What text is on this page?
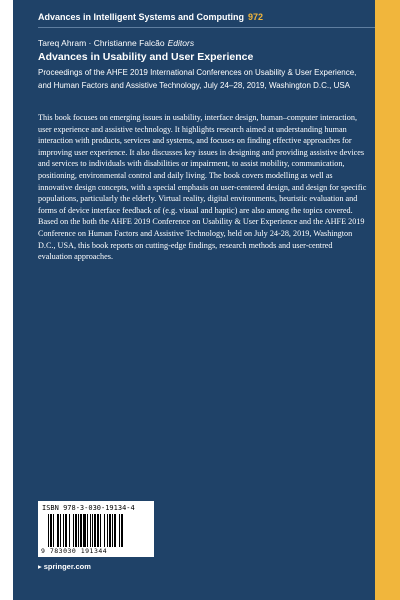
Advances in Intelligent Systems and Computing 972
Tareq Ahram · Christianne Falcão Editors
Advances in Usability and User Experience
Proceedings of the AHFE 2019 International Conferences on Usability & User Experience, and Human Factors and Assistive Technology, July 24–28, 2019, Washington D.C., USA

This book focuses on emerging issues in usability, interface design, human–computer interaction, user experience and assistive technology. It highlights research aimed at understanding human interaction with products, services and systems, and focuses on finding effective approaches for improving user experience. It also discusses key issues in designing and providing assistive devices and services to individuals with disabilities or impairment, to assist mobility, communication, positioning, environmental control and daily living. The book covers modelling as well as innovative design concepts, with a special emphasis on user-centered design, and design for specific populations, particularly the elderly. Virtual reality, digital environments, heuristic evaluation and forms of device interface feedback of (e.g. visual and haptic) are also among the topics covered. Based on the both the AHFE 2019 Conference on Usability & User Experience and the AHFE 2019 Conference on Human Factors and Assistive Technology, held on July 24-28, 2019, Washington D.C., USA, this book reports on cutting-edge findings, research methods and user-centred evaluation approaches.

ISBN 978-3-030-19134-4
9 783030 191344
▸ springer.com
